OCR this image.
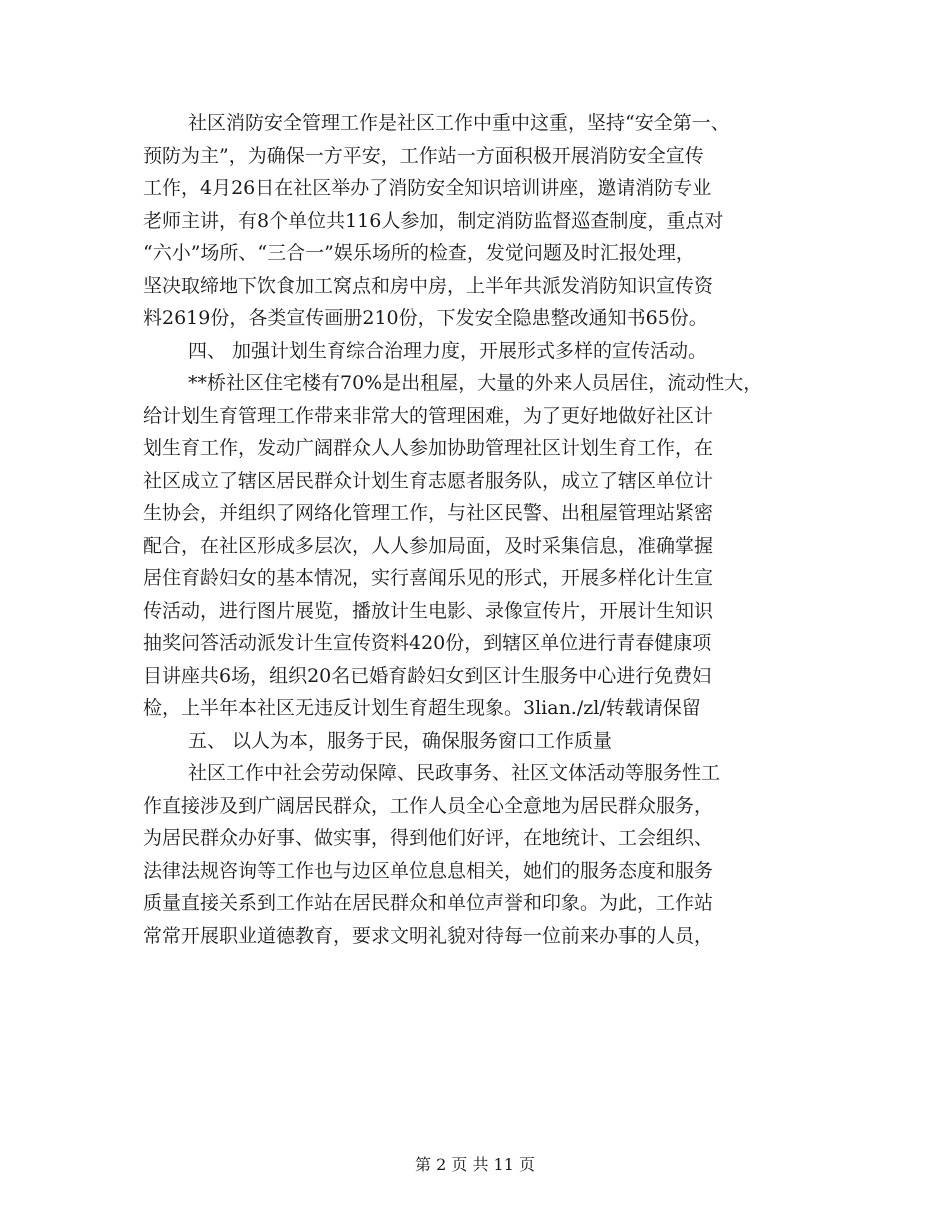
社区消防安全管理工作是社区工作中重中这重，坚持“安全第一、
预防为主”，为确保一方平安，工作站一方面积极开展消防安全宣传
工作，4月26日在社区举办了消防安全知识培训讲座，邀请消防专业
老师主讲，有8个单位共116人参加，制定消防监督巡查制度，重点对
“六小”场所、“三合一”娱乐场所的检查，发觉问题及时汇报处理，
坚决取缔地下饮食加工窝点和房中房，上半年共派发消防知识宣传资
料2619份，各类宣传画册210份，下发安全隐患整改通知书65份。
四、 加强计划生育综合治理力度，开展形式多样的宣传活动。
**桥社区住宅楼有70%是出租屋，大量的外来人员居住，流动性大，
给计划生育管理工作带来非常大的管理困难，为了更好地做好社区计
划生育工作，发动广阔群众人人参加协助管理社区计划生育工作，在
社区成立了辖区居民群众计划生育志愿者服务队，成立了辖区单位计
生协会，并组织了网络化管理工作，与社区民警、出租屋管理站紧密
配合，在社区形成多层次，人人参加局面，及时采集信息，准确掌握
居住育龄妇女的基本情况，实行喜闻乐见的形式，开展多样化计生宣
传活动，进行图片展览，播放计生电影、录像宣传片，开展计生知识
抽奖问答活动派发计生宣传资料420份，到辖区单位进行青春健康项
目讲座共6场，组织20名已婚育龄妇女到区计生服务中心进行免费妇
检，上半年本社区无违反计划生育超生现象。3lian./zl/转载请保留
五、 以人为本，服务于民，确保服务窗口工作质量
社区工作中社会劳动保障、民政事务、社区文体活动等服务性工
作直接涉及到广阔居民群众，工作人员全心全意地为居民群众服务，
为居民群众办好事、做实事，得到他们好评，在地统计、工会组织、
法律法规咨询等工作也与边区单位息息相关，她们的服务态度和服务
质量直接关系到工作站在居民群众和单位声誉和印象。为此，工作站
常常开展职业道德教育，要求文明礼貌对待每一位前来办事的人员，
第 2 页 共 11 页
